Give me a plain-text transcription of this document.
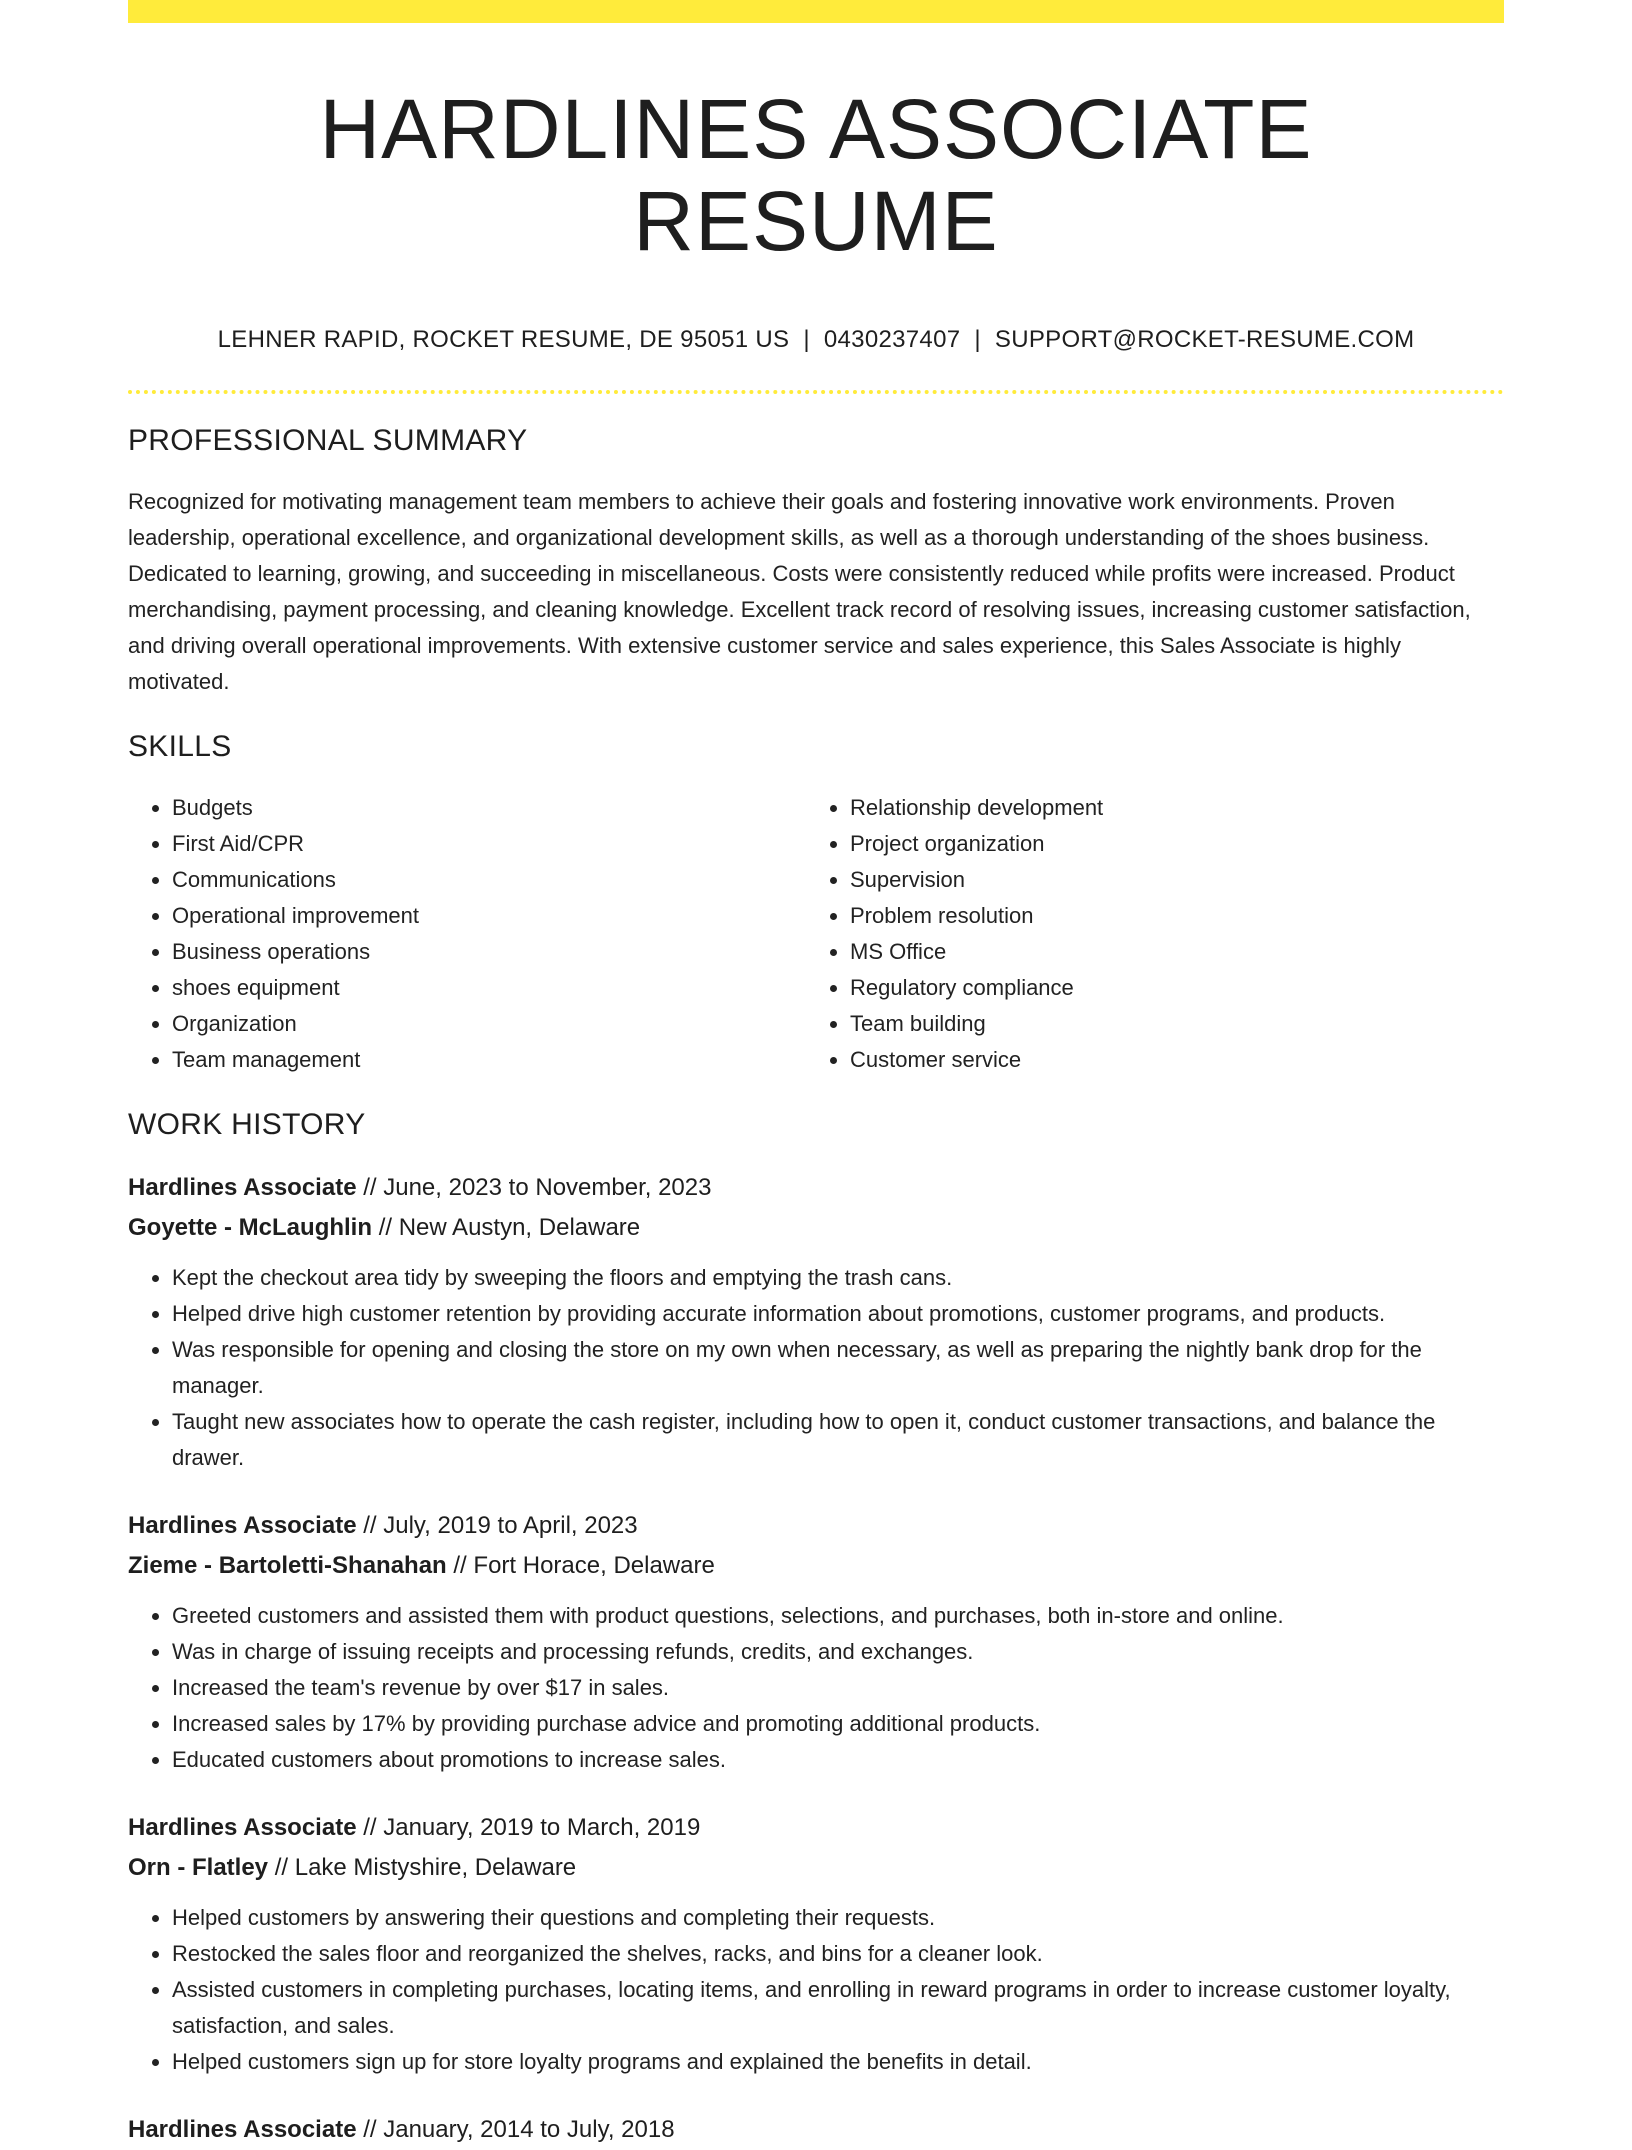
HARDLINES ASSOCIATE RESUME
LEHNER RAPID, ROCKET RESUME, DE 95051 US | 0430237407 | SUPPORT@ROCKET-RESUME.COM
PROFESSIONAL SUMMARY

Recognized for motivating management team members to achieve their goals and fostering innovative work environments. Proven leadership, operational excellence, and organizational development skills, as well as a thorough understanding of the shoes business. Dedicated to learning, growing, and succeeding in miscellaneous. Costs were consistently reduced while profits were increased. Product merchandising, payment processing, and cleaning knowledge. Excellent track record of resolving issues, increasing customer satisfaction, and driving overall operational improvements. With extensive customer service and sales experience, this Sales Associate is highly motivated.

SKILLS
• Budgets
• First Aid/CPR
• Communications
• Operational improvement
• Business operations
• shoes equipment
• Organization
• Team management
• Relationship development
• Project organization
• Supervision
• Problem resolution
• MS Office
• Regulatory compliance
• Team building
• Customer service
WORK HISTORY
Hardlines Associate // June, 2023 to November, 2023
Goyette - McLaughlin // New Austyn, Delaware
• Kept the checkout area tidy by sweeping the floors and emptying the trash cans.
• Helped drive high customer retention by providing accurate information about promotions, customer programs, and products.
• Was responsible for opening and closing the store on my own when necessary, as well as preparing the nightly bank drop for the manager.
• Taught new associates how to operate the cash register, including how to open it, conduct customer transactions, and balance the drawer.
Hardlines Associate // July, 2019 to April, 2023
Zieme - Bartoletti-Shanahan // Fort Horace, Delaware
• Greeted customers and assisted them with product questions, selections, and purchases, both in-store and online.
• Was in charge of issuing receipts and processing refunds, credits, and exchanges.
• Increased the team's revenue by over $17 in sales.
• Increased sales by 17% by providing purchase advice and promoting additional products.
• Educated customers about promotions to increase sales.
Hardlines Associate // January, 2019 to March, 2019
Orn - Flatley // Lake Mistyshire, Delaware
• Helped customers by answering their questions and completing their requests.
• Restocked the sales floor and reorganized the shelves, racks, and bins for a cleaner look.
• Assisted customers in completing purchases, locating items, and enrolling in reward programs in order to increase customer loyalty, satisfaction, and sales.
• Helped customers sign up for store loyalty programs and explained the benefits in detail.
Hardlines Associate // January, 2014 to July, 2018
